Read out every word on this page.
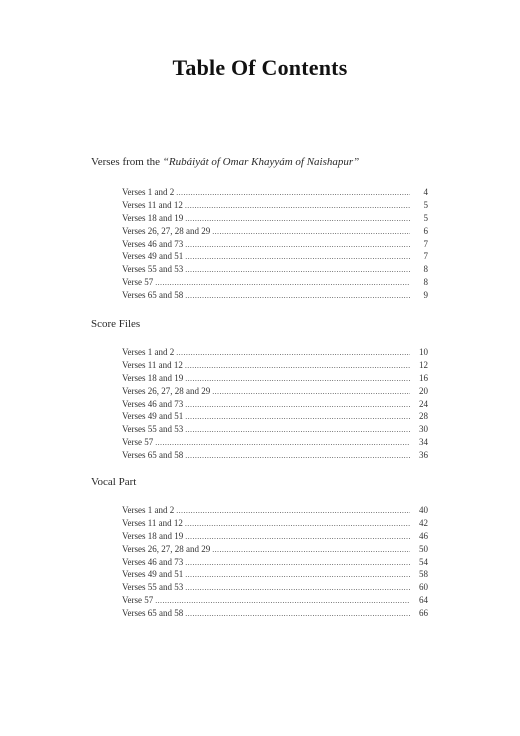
Table Of Contents
Verses from the “Rubáiyát of Omar Khayyám of Naishapur”
Verses 1 and 2 .....	4
Verses 11 and 12 .....	5
Verses 18 and 19 .....	5
Verses 26, 27, 28 and 29 .....	6
Verses 46 and 73 .....	7
Verses 49 and 51 .....	7
Verses 55 and 53 .....	8
Verse 57 .....	8
Verses 65 and 58 .....	9
Score Files
Verses 1 and 2 .....	10
Verses 11 and 12 .....	12
Verses 18 and 19 .....	16
Verses 26, 27, 28 and 29 .....	20
Verses 46 and 73 .....	24
Verses 49 and 51 .....	28
Verses 55 and 53 .....	30
Verse 57 .....	34
Verses 65 and 58 .....	36
Vocal Part
Verses 1 and 2 .....	40
Verses 11 and 12 .....	42
Verses 18 and 19 .....	46
Verses 26, 27, 28 and 29 .....	50
Verses 46 and 73 .....	54
Verses 49 and 51 .....	58
Verses 55 and 53 .....	60
Verse 57 .....	64
Verses 65 and 58 .....	66
